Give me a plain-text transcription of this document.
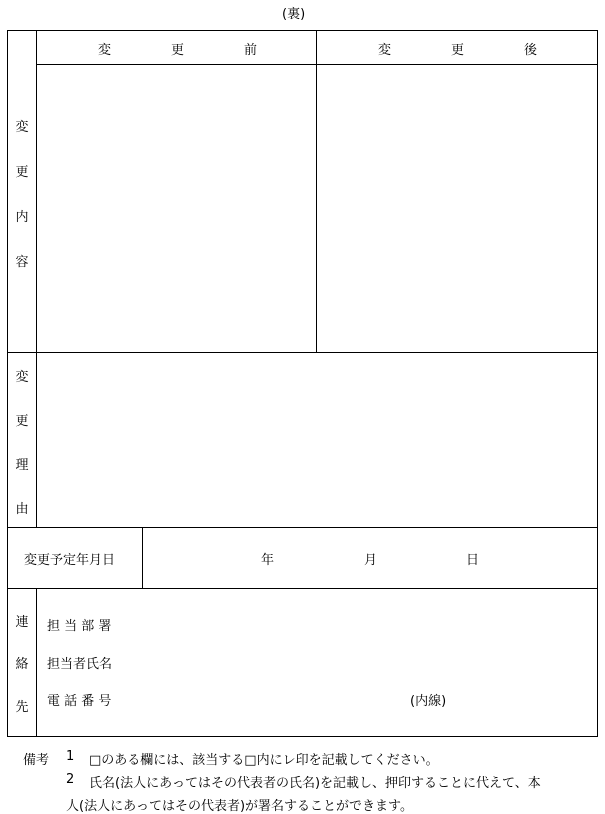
(裏)
変	更	前	変	更	後
変
更
内
容
変
更
理
由
変更予定年月日	年	月	日
連
絡
先
担 当 部 署
担当者氏名
電 話 番 号	(内線)
備考 1 □のある欄には、該当する□内にレ印を記載してください。
2 氏名(法人にあってはその代表者の氏名)を記載し、押印することに代えて、本
人(法人にあってはその代表者)が署名することができます。
